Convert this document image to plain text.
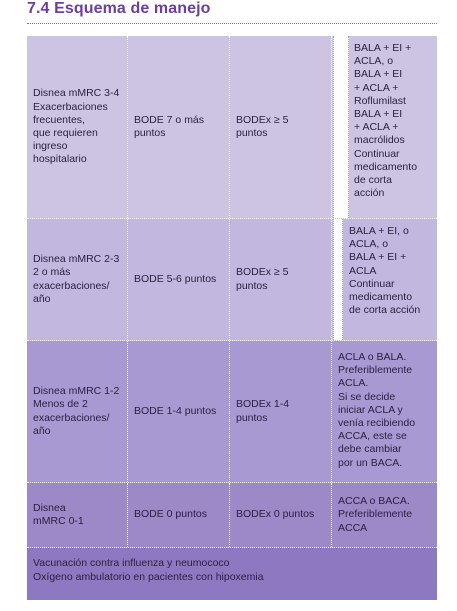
7.4 Esquema de manejo
Disnea mMRC 3-4
Exacerbaciones
frecuentes,
que requieren
ingreso
hospitalario
BODE 7 o más
puntos
BODEx ≥ 5
puntos
BALA + EI +
ACLA, o
BALA + EI
+ ACLA +
Roflumilast
BALA + EI
+ ACLA +
macrólidos
Continuar
medicamento
de corta
acción
Disnea mMRC 2-3
2 o más
exacerbaciones/
año
BODE 5-6 puntos
BODEx ≥ 5
puntos
BALA + EI, o
ACLA, o
BALA + EI +
ACLA
Continuar
medicamento
de corta acción
Disnea mMRC 1-2
Menos de 2
exacerbaciones/
año
BODE 1-4 puntos
BODEx 1-4
puntos
ACLA o BALA.
Preferiblemente
ACLA.
Si se decide
iniciar ACLA y
venía recibiendo
ACCA, este se
debe cambiar
por un BACA.
Disnea
mMRC 0-1
BODE 0 puntos	BODEx 0 puntos
ACCA o BACA.
Preferiblemente
ACCA
Vacunación contra influenza y neumococo
Oxígeno ambulatorio en pacientes con hipoxemia
